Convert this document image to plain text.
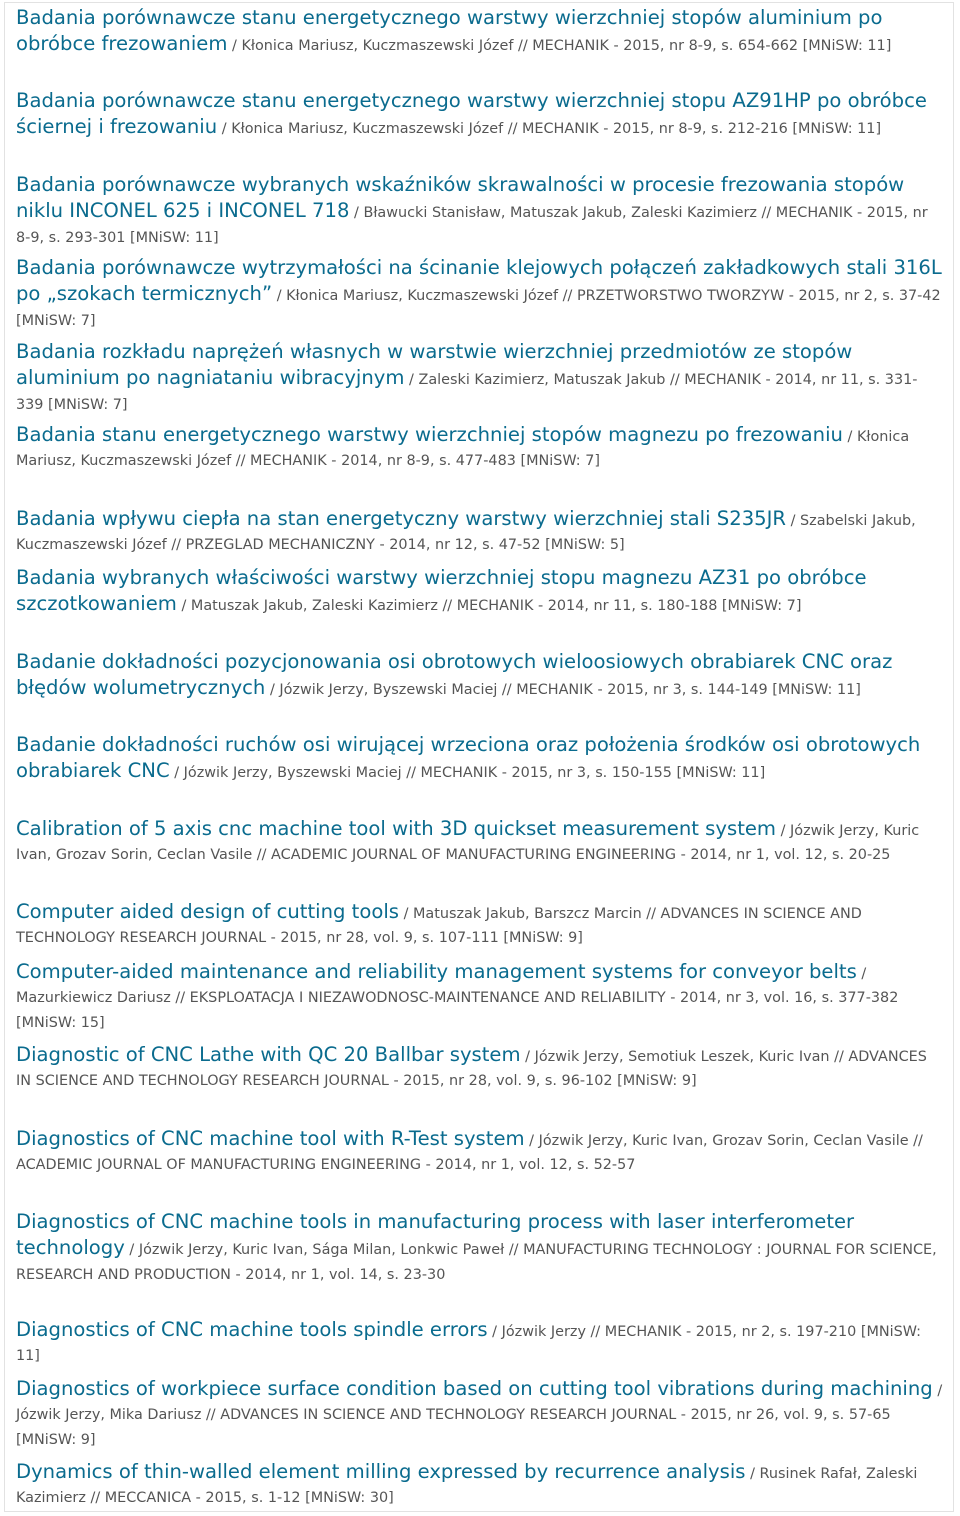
Badania porównawcze stanu energetycznego warstwy wierzchniej stopów aluminium po obróbce frezowaniem / Kłonica Mariusz, Kuczmaszewski Józef // MECHANIK - 2015, nr 8-9, s. 654-662 [MNiSW: 11]
Badania porównawcze stanu energetycznego warstwy wierzchniej stopu AZ91HP po obróbce ściernej i frezowaniu / Kłonica Mariusz, Kuczmaszewski Józef // MECHANIK - 2015, nr 8-9, s. 212-216 [MNiSW: 11]
Badania porównawcze wybranych wskaźników skrawalności w procesie frezowania stopów niklu INCONEL 625 i INCONEL 718 / Bławucki Stanisław, Matuszak Jakub, Zaleski Kazimierz // MECHANIK - 2015, nr 8-9, s. 293-301 [MNiSW: 11]
Badania porównawcze wytrzymałości na ścinanie klejowych połączeń zakładkowych stali 316L po „szokach termicznych” / Kłonica Mariusz, Kuczmaszewski Józef // PRZETWORSTWO TWORZYW - 2015, nr 2, s. 37-42 [MNiSW: 7]
Badania rozkładu naprężeń własnych w warstwie wierzchniej przedmiotów ze stopów aluminium po nagniataniu wibracyjnym / Zaleski Kazimierz, Matuszak Jakub // MECHANIK - 2014, nr 11, s. 331-339 [MNiSW: 7]
Badania stanu energetycznego warstwy wierzchniej stopów magnezu po frezowaniu / Kłonica Mariusz, Kuczmaszewski Józef // MECHANIK - 2014, nr 8-9, s. 477-483 [MNiSW: 7]
Badania wpływu ciepła na stan energetyczny warstwy wierzchniej stali S235JR / Szabelski Jakub, Kuczmaszewski Józef // PRZEGLAD MECHANICZNY - 2014, nr 12, s. 47-52 [MNiSW: 5]
Badania wybranych właściwości warstwy wierzchniej stopu magnezu AZ31 po obróbce szczotkowaniem / Matuszak Jakub, Zaleski Kazimierz // MECHANIK - 2014, nr 11, s. 180-188 [MNiSW: 7]
Badanie dokładności pozycjonowania osi obrotowych wieloosiowych obrabiarek CNC oraz błędów wolumetrycznych / Józwik Jerzy, Byszewski Maciej // MECHANIK - 2015, nr 3, s. 144-149 [MNiSW: 11]
Badanie dokładności ruchów osi wirującej wrzeciona oraz położenia środków osi obrotowych obrabiarek CNC / Józwik Jerzy, Byszewski Maciej // MECHANIK - 2015, nr 3, s. 150-155 [MNiSW: 11]
Calibration of 5 axis cnc machine tool with 3D quickset measurement system / Józwik Jerzy, Kuric Ivan, Grozav Sorin, Ceclan Vasile // ACADEMIC JOURNAL OF MANUFACTURING ENGINEERING - 2014, nr 1, vol. 12, s. 20-25
Computer aided design of cutting tools / Matuszak Jakub, Barszcz Marcin // ADVANCES IN SCIENCE AND TECHNOLOGY RESEARCH JOURNAL - 2015, nr 28, vol. 9, s. 107-111 [MNiSW: 9]
Computer-aided maintenance and reliability management systems for conveyor belts / Mazurkiewicz Dariusz // EKSPLOATACJA I NIEZAWODNOSC-MAINTENANCE AND RELIABILITY - 2014, nr 3, vol. 16, s. 377-382 [MNiSW: 15]
Diagnostic of CNC Lathe with QC 20 Ballbar system / Józwik Jerzy, Semotiuk Leszek, Kuric Ivan // ADVANCES IN SCIENCE AND TECHNOLOGY RESEARCH JOURNAL - 2015, nr 28, vol. 9, s. 96-102 [MNiSW: 9]
Diagnostics of CNC machine tool with R-Test system / Józwik Jerzy, Kuric Ivan, Grozav Sorin, Ceclan Vasile // ACADEMIC JOURNAL OF MANUFACTURING ENGINEERING - 2014, nr 1, vol. 12, s. 52-57
Diagnostics of CNC machine tools in manufacturing process with laser interferometer technology / Józwik Jerzy, Kuric Ivan, Sága Milan, Lonkwic Paweł // MANUFACTURING TECHNOLOGY : JOURNAL FOR SCIENCE, RESEARCH AND PRODUCTION - 2014, nr 1, vol. 14, s. 23-30
Diagnostics of CNC machine tools spindle errors / Józwik Jerzy // MECHANIK - 2015, nr 2, s. 197-210 [MNiSW: 11]
Diagnostics of workpiece surface condition based on cutting tool vibrations during machining / Józwik Jerzy, Mika Dariusz // ADVANCES IN SCIENCE AND TECHNOLOGY RESEARCH JOURNAL - 2015, nr 26, vol. 9, s. 57-65 [MNiSW: 9]
Dynamics of thin-walled element milling expressed by recurrence analysis / Rusinek Rafał, Zaleski Kazimierz // MECCANICA - 2015, s. 1-12 [MNiSW: 30]
